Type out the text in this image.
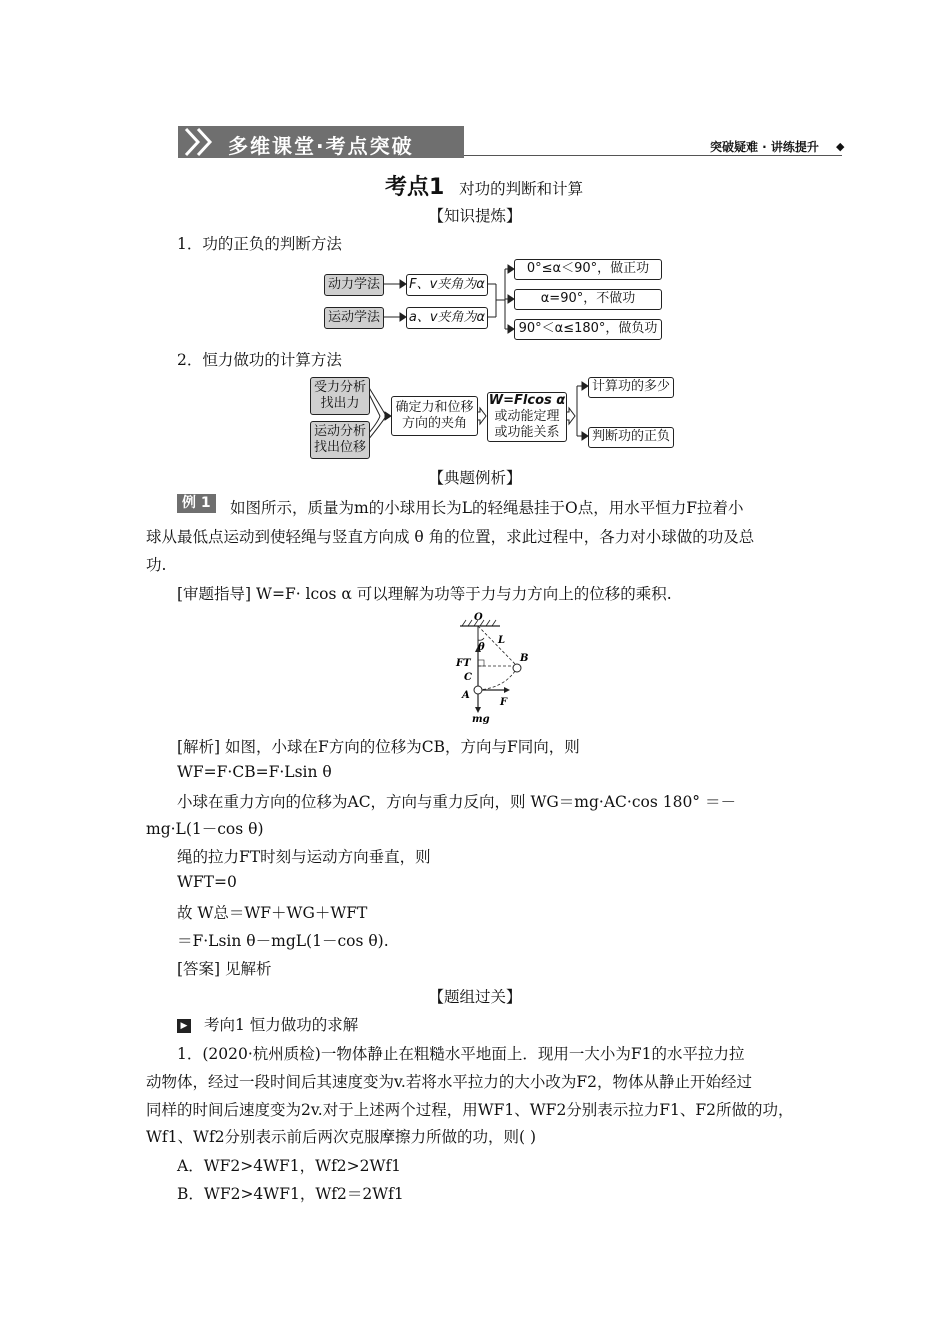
多维课堂·考点突破	突破疑难 · 讲练提升 ◆
考点1 对功的判断和计算
【知识提炼】
1．功的正负的判断方法
动力学法
运动学法
F、v夹角为α
a、v夹角为α
0°≤α＜90°，做正功
α=90°，不做功
90°＜α≤180°，做负功
2．恒力做功的计算方法
受力分析
找出力
运动分析
找出位移
确定力和位移
方向的夹角
W=Flcos α
或动能定理
或功能关系
计算功的多少
判断功的正负
【典题例析】
例 1	如图所示，质量为m的小球用长为L的轻绳悬挂于O点，用水平恒力F拉着小
球从最低点运动到使轻绳与竖直方向成 θ 角的位置，求此过程中，各力对小球做的功及总
功.
[审题指导] W=F· lcos α 可以理解为功等于力与力方向上的位移的乘积.
O
L
θ
B
FT
C
A
F
mg
[解析] 如图，小球在F方向的位移为CB，方向与F同向，则
WF=F·CB=F·Lsin θ
小球在重力方向的位移为AC，方向与重力反向，则 WG＝mg·AC·cos 180° ＝－
mg·L(1－cos θ)
绳的拉力FT时刻与运动方向垂直，则
WFT=0
故 W总＝WF＋WG＋WFT
＝F·Lsin θ－mgL(1－cos θ).
[答案] 见解析
【题组过关】
▶ 考向1 恒力做功的求解
1．(2020·杭州质检)一物体静止在粗糙水平地面上．现用一大小为F1的水平拉力拉
动物体，经过一段时间后其速度变为v.若将水平拉力的大小改为F2，物体从静止开始经过
同样的时间后速度变为2v.对于上述两个过程，用WF1、WF2分别表示拉力F1、F2所做的功，
Wf1、Wf2分别表示前后两次克服摩擦力所做的功，则( )
A．WF2>4WF1，Wf2>2Wf1
B．WF2>4WF1，Wf2＝2Wf1
